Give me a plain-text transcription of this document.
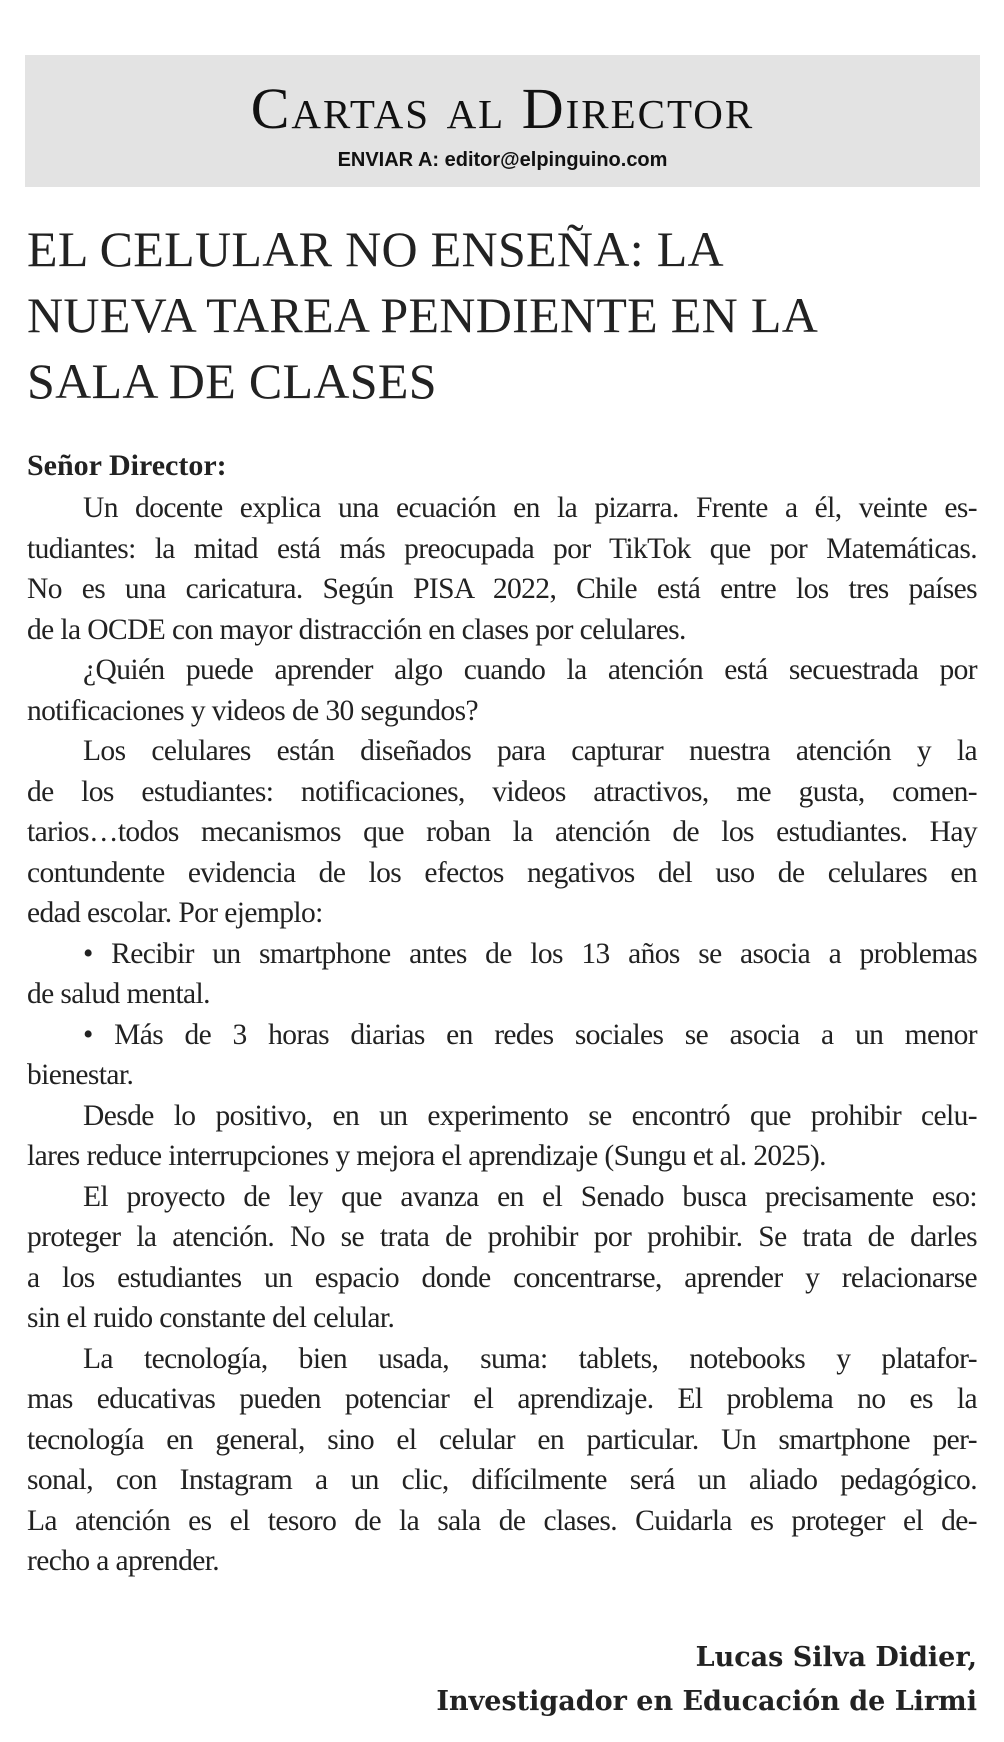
Cartas al Director
ENVIAR A: editor@elpinguino.com
EL CELULAR NO ENSEÑA: LA
NUEVA TAREA PENDIENTE EN LA
SALA DE CLASES

Señor Director:

Un docente explica una ecuación en la pizarra. Frente a él, veinte es-
tudiantes: la mitad está más preocupada por TikTok que por Matemáticas.
No es una caricatura. Según PISA 2022, Chile está entre los tres países
de la OCDE con mayor distracción en clases por celulares.

¿Quién puede aprender algo cuando la atención está secuestrada por
notificaciones y videos de 30 segundos?

Los celulares están diseñados para capturar nuestra atención y la
de los estudiantes: notificaciones, videos atractivos, me gusta, comen-
tarios…todos mecanismos que roban la atención de los estudiantes. Hay
contundente evidencia de los efectos negativos del uso de celulares en
edad escolar. Por ejemplo:

• Recibir un smartphone antes de los 13 años se asocia a problemas
de salud mental.

• Más de 3 horas diarias en redes sociales se asocia a un menor
bienestar.

Desde lo positivo, en un experimento se encontró que prohibir celu-
lares reduce interrupciones y mejora el aprendizaje (Sungu et al. 2025).

El proyecto de ley que avanza en el Senado busca precisamente eso:
proteger la atención. No se trata de prohibir por prohibir. Se trata de darles
a los estudiantes un espacio donde concentrarse, aprender y relacionarse
sin el ruido constante del celular.

La tecnología, bien usada, suma: tablets, notebooks y platafor-
mas educativas pueden potenciar el aprendizaje. El problema no es la
tecnología en general, sino el celular en particular. Un smartphone per-
sonal, con Instagram a un clic, difícilmente será un aliado pedagógico.
La atención es el tesoro de la sala de clases. Cuidarla es proteger el de-
recho a aprender.

Lucas Silva Didier,
Investigador en Educación de Lirmi
